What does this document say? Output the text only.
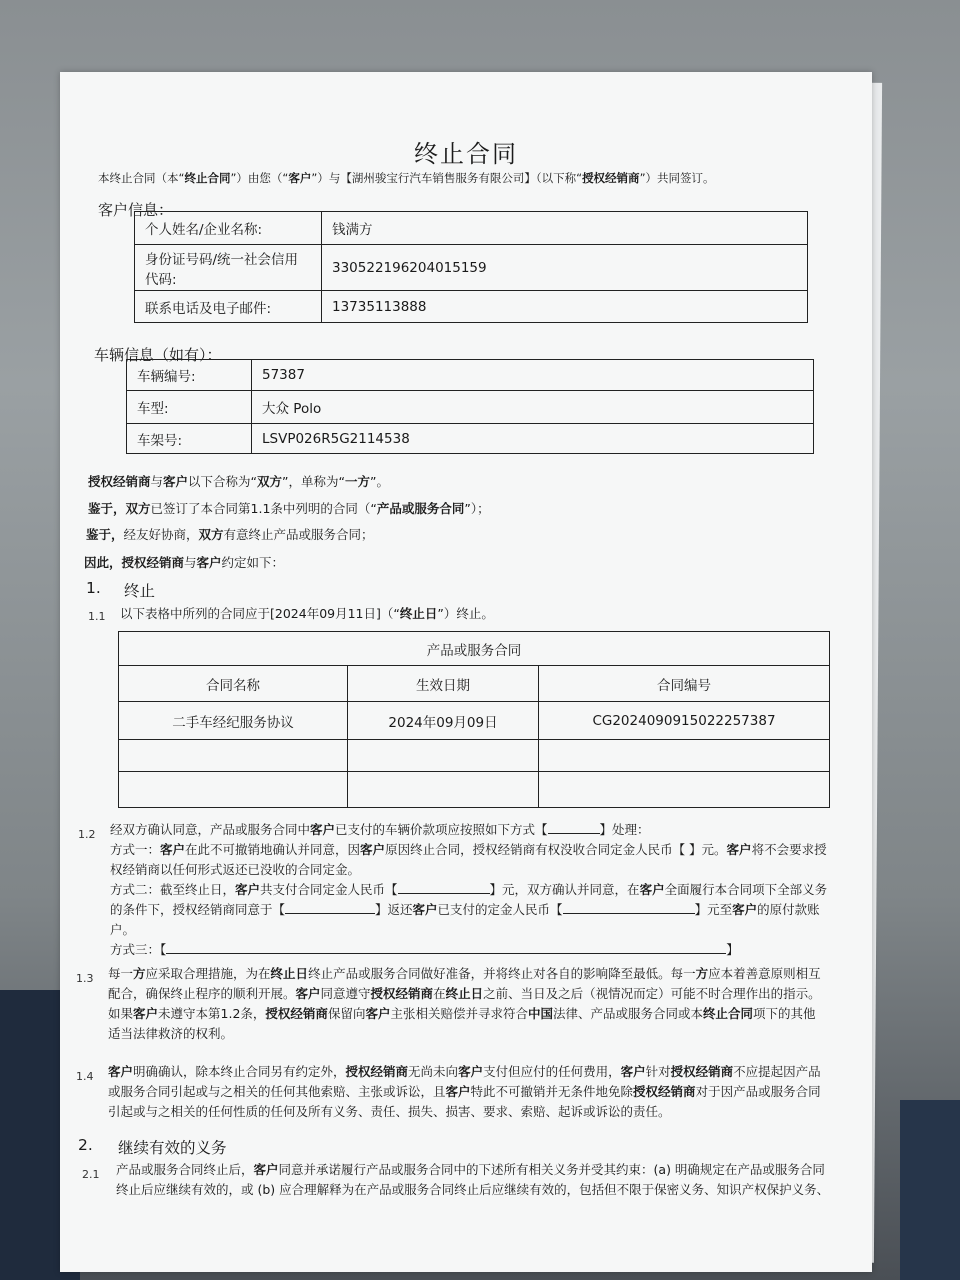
终止合同
本终止合同（本“终止合同”）由您（“客户”）与【湖州骏宝行汽车销售服务有限公司】（以下称“授权经销商”）共同签订。
客户信息：
个人姓名/企业名称:	钱满方
身份证号码/统一社会信用
代码:	330522196204015159
联系电话及电子邮件:	13735113888
车辆信息（如有）：
车辆编号:	57387
车型:	大众 Polo
车架号:	LSVP026R5G2114538
授权经销商与客户以下合称为“双方”，单称为“一方”。
鉴于，双方已签订了本合同第1.1条中列明的合同（“产品或服务合同”）；
鉴于，经友好协商，双方有意终止产品或服务合同；
因此，授权经销商与客户约定如下：
1. 终止
1.1 以下表格中所列的合同应于[2024年09月11日]（“终止日”）终止。
产品或服务合同		
合同名称	生效日期	合同编号
二手车经纪服务协议	2024年09月09日	CG2024090915022257387

1.2 经双方确认同意，产品或服务合同中客户已支付的车辆价款项应按照如下方式【	】处理：
方式一：客户在此不可撤销地确认并同意，因客户原因终止合同，授权经销商有权没收合同定金人民币【 】元。客户将不会要求授
权经销商以任何形式返还已没收的合同定金。
方式二：截至终止日，客户共支付合同定金人民币【	】元，双方确认并同意，在客户全面履行本合同项下全部义务
的条件下，授权经销商同意于【	】返还客户已支付的定金人民币【	】元至客户的原付款账
户。
方式三：【	】
1.3 每一方应采取合理措施，为在终止日终止产品或服务合同做好准备，并将终止对各自的影响降至最低。每一方应本着善意原则相互
配合，确保终止程序的顺利开展。客户同意遵守授权经销商在终止日之前、当日及之后（视情况而定）可能不时合理作出的指示。
如果客户未遵守本第1.2条，授权经销商保留向客户主张相关赔偿并寻求符合中国法律、产品或服务合同或本终止合同项下的其他
适当法律救济的权利。
1.4 客户明确确认，除本终止合同另有约定外，授权经销商无尚未向客户支付但应付的任何费用，客户针对授权经销商不应提起因产品
或服务合同引起或与之相关的任何其他索赔、主张或诉讼，且客户特此不可撤销并无条件地免除授权经销商对于因产品或服务合同
引起或与之相关的任何性质的任何及所有义务、责任、损失、损害、要求、索赔、起诉或诉讼的责任。
2. 继续有效的义务
2.1 产品或服务合同终止后，客户同意并承诺履行产品或服务合同中的下述所有相关义务并受其约束：(a) 明确规定在产品或服务合同
终止后应继续有效的，或 (b) 应合理解释为在产品或服务合同终止后应继续有效的，包括但不限于保密义务、知识产权保护义务、
